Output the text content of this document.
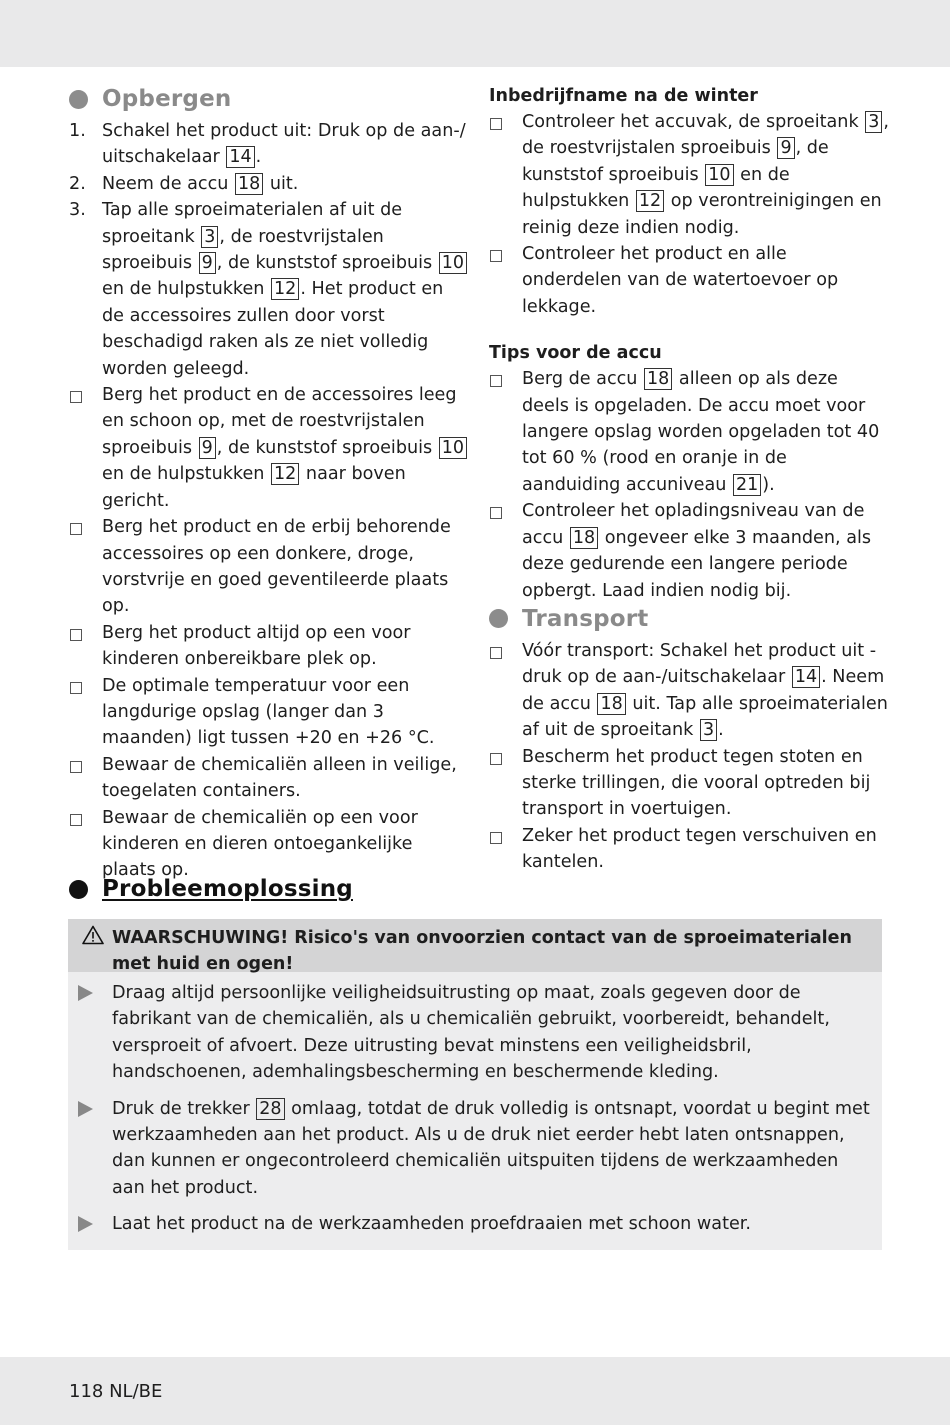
Opbergen
1. Schakel het product uit: Druk op de aan-/ uitschakelaar 14 .
2. Neem de accu 18 uit.
3. Tap alle sproeimaterialen af uit de sproeitank 3 , de roestvrijstalen sproeibuis 9 , de kunststof sproeibuis 10 en de hulpstukken 12 . Het product en de accessoires zullen door vorst beschadigd raken als ze niet volledig worden geleegd.
Berg het product en de accessoires leeg en schoon op, met de roestvrijstalen sproeibuis 9 , de kunststof sproeibuis 10 en de hulpstukken 12 naar boven gericht.
Berg het product en de erbij behorende accessoires op een donkere, droge, vorstvrije en goed geventileerde plaats op.
Berg het product altijd op een voor kinderen onbereikbare plek op.
De optimale temperatuur voor een langdurige opslag (langer dan 3 maanden) ligt tussen +20 en +26 °C.
Bewaar de chemicaliën alleen in veilige, toegelaten containers.
Bewaar de chemicaliën op een voor kinderen en dieren ontoegankelijke plaats op.
Inbedrijfname na de winter
Controleer het accuvak, de sproeitank 3 , de roestvrijstalen sproeibuis 9 , de kunststof sproeibuis 10 en de hulpstukken 12 op verontreinigingen en reinig deze indien nodig.
Controleer het product en alle onderdelen van de watertoevoer op lekkage.
Tips voor de accu
Berg de accu 18 alleen op als deze deels is opgeladen. De accu moet voor langere opslag worden opgeladen tot 40 tot 60 % (rood en oranje in de aanduiding accuniveau 21 ).
Controleer het opladingsniveau van de accu 18 ongeveer elke 3 maanden, als deze gedurende een langere periode opbergt. Laad indien nodig bij.
Transport
Vóór transport: Schakel het product uit - druk op de aan-/uitschakelaar 14 . Neem de accu 18 uit. Tap alle sproeimaterialen af uit de sproeitank 3 .
Bescherm het product tegen stoten en sterke trillingen, die vooral optreden bij transport in voertuigen.
Zeker het product tegen verschuiven en kantelen.
Probleemoplossing
WAARSCHUWING! Risico's van onvoorzien contact van de sproeimaterialen met huid en ogen!
Draag altijd persoonlijke veiligheidsuitrusting op maat, zoals gegeven door de fabrikant van de chemicaliën, als u chemicaliën gebruikt, voorbereidt, behandelt, versproeit of afvoert. Deze uitrusting bevat minstens een veiligheidsbril, handschoenen, ademhalingsbescherming en beschermende kleding.
Druk de trekker 28 omlaag, totdat de druk volledig is ontsnapt, voordat u begint met werkzaamheden aan het product. Als u de druk niet eerder hebt laten ontsnappen, dan kunnen er ongecontroleerd chemicaliën uitspuiten tijdens de werkzaamheden aan het product.
Laat het product na de werkzaamheden proefdraaien met schoon water.
118 NL/BE
